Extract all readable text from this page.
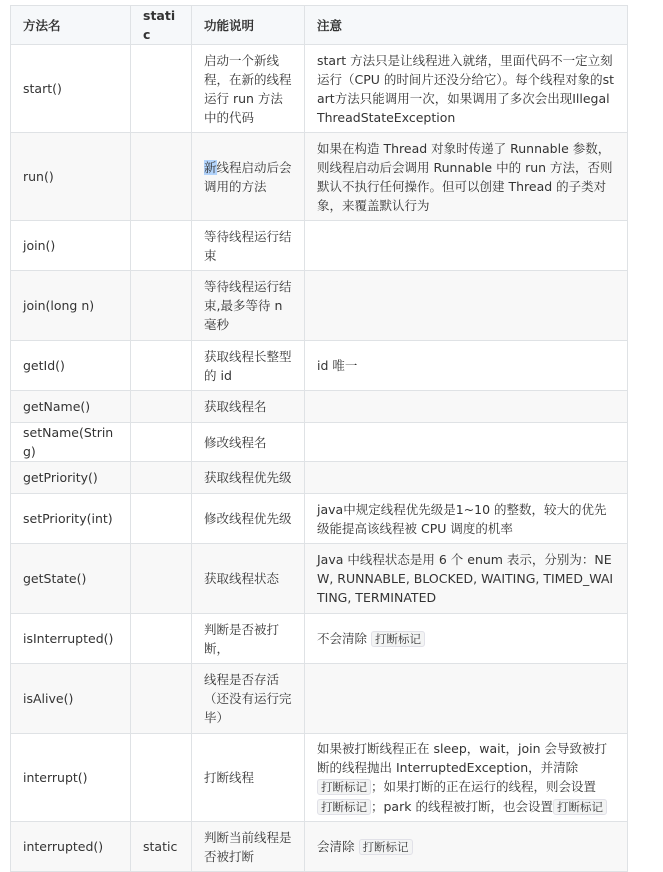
方法名	static	功能说明	注意
start()		启动一个新线程，在新的线程运行 run 方法中的代码	start 方法只是让线程进入就绪，里面代码不一定立刻运行（CPU 的时间片还没分给它）。每个线程对象的start方法只能调用一次，如果调用了多次会出现IllegalThreadStateException
run()		新线程启动后会调用的方法	如果在构造 Thread 对象时传递了 Runnable 参数，则线程启动后会调用 Runnable 中的 run 方法，否则默认不执行任何操作。但可以创建 Thread 的子类对象，来覆盖默认行为
join()		等待线程运行结束	
join(long n)		等待线程运行结束,最多等待 n 毫秒	
getId()		获取线程长整型的 id	id 唯一
getName()		获取线程名	
setName(String)		修改线程名	
getPriority()		获取线程优先级	
setPriority(int)		修改线程优先级	java中规定线程优先级是1~10 的整数，较大的优先级能提高该线程被 CPU 调度的机率
getState()		获取线程状态	Java 中线程状态是用 6 个 enum 表示，分别为：NEW, RUNNABLE, BLOCKED, WAITING, TIMED_WAITING, TERMINATED
isInterrupted()		判断是否被打断，	不会清除 打断标记
isAlive()		线程是否存活（还没有运行完毕）	
interrupt()		打断线程	如果被打断线程正在 sleep，wait，join 会导致被打断的线程抛出 InterruptedException，并清除打断标记 ；如果打断的正在运行的线程，则会设置打断标记 ；park 的线程被打断，也会设置 打断标记
interrupted()	static	判断当前线程是否被打断	会清除 打断标记
